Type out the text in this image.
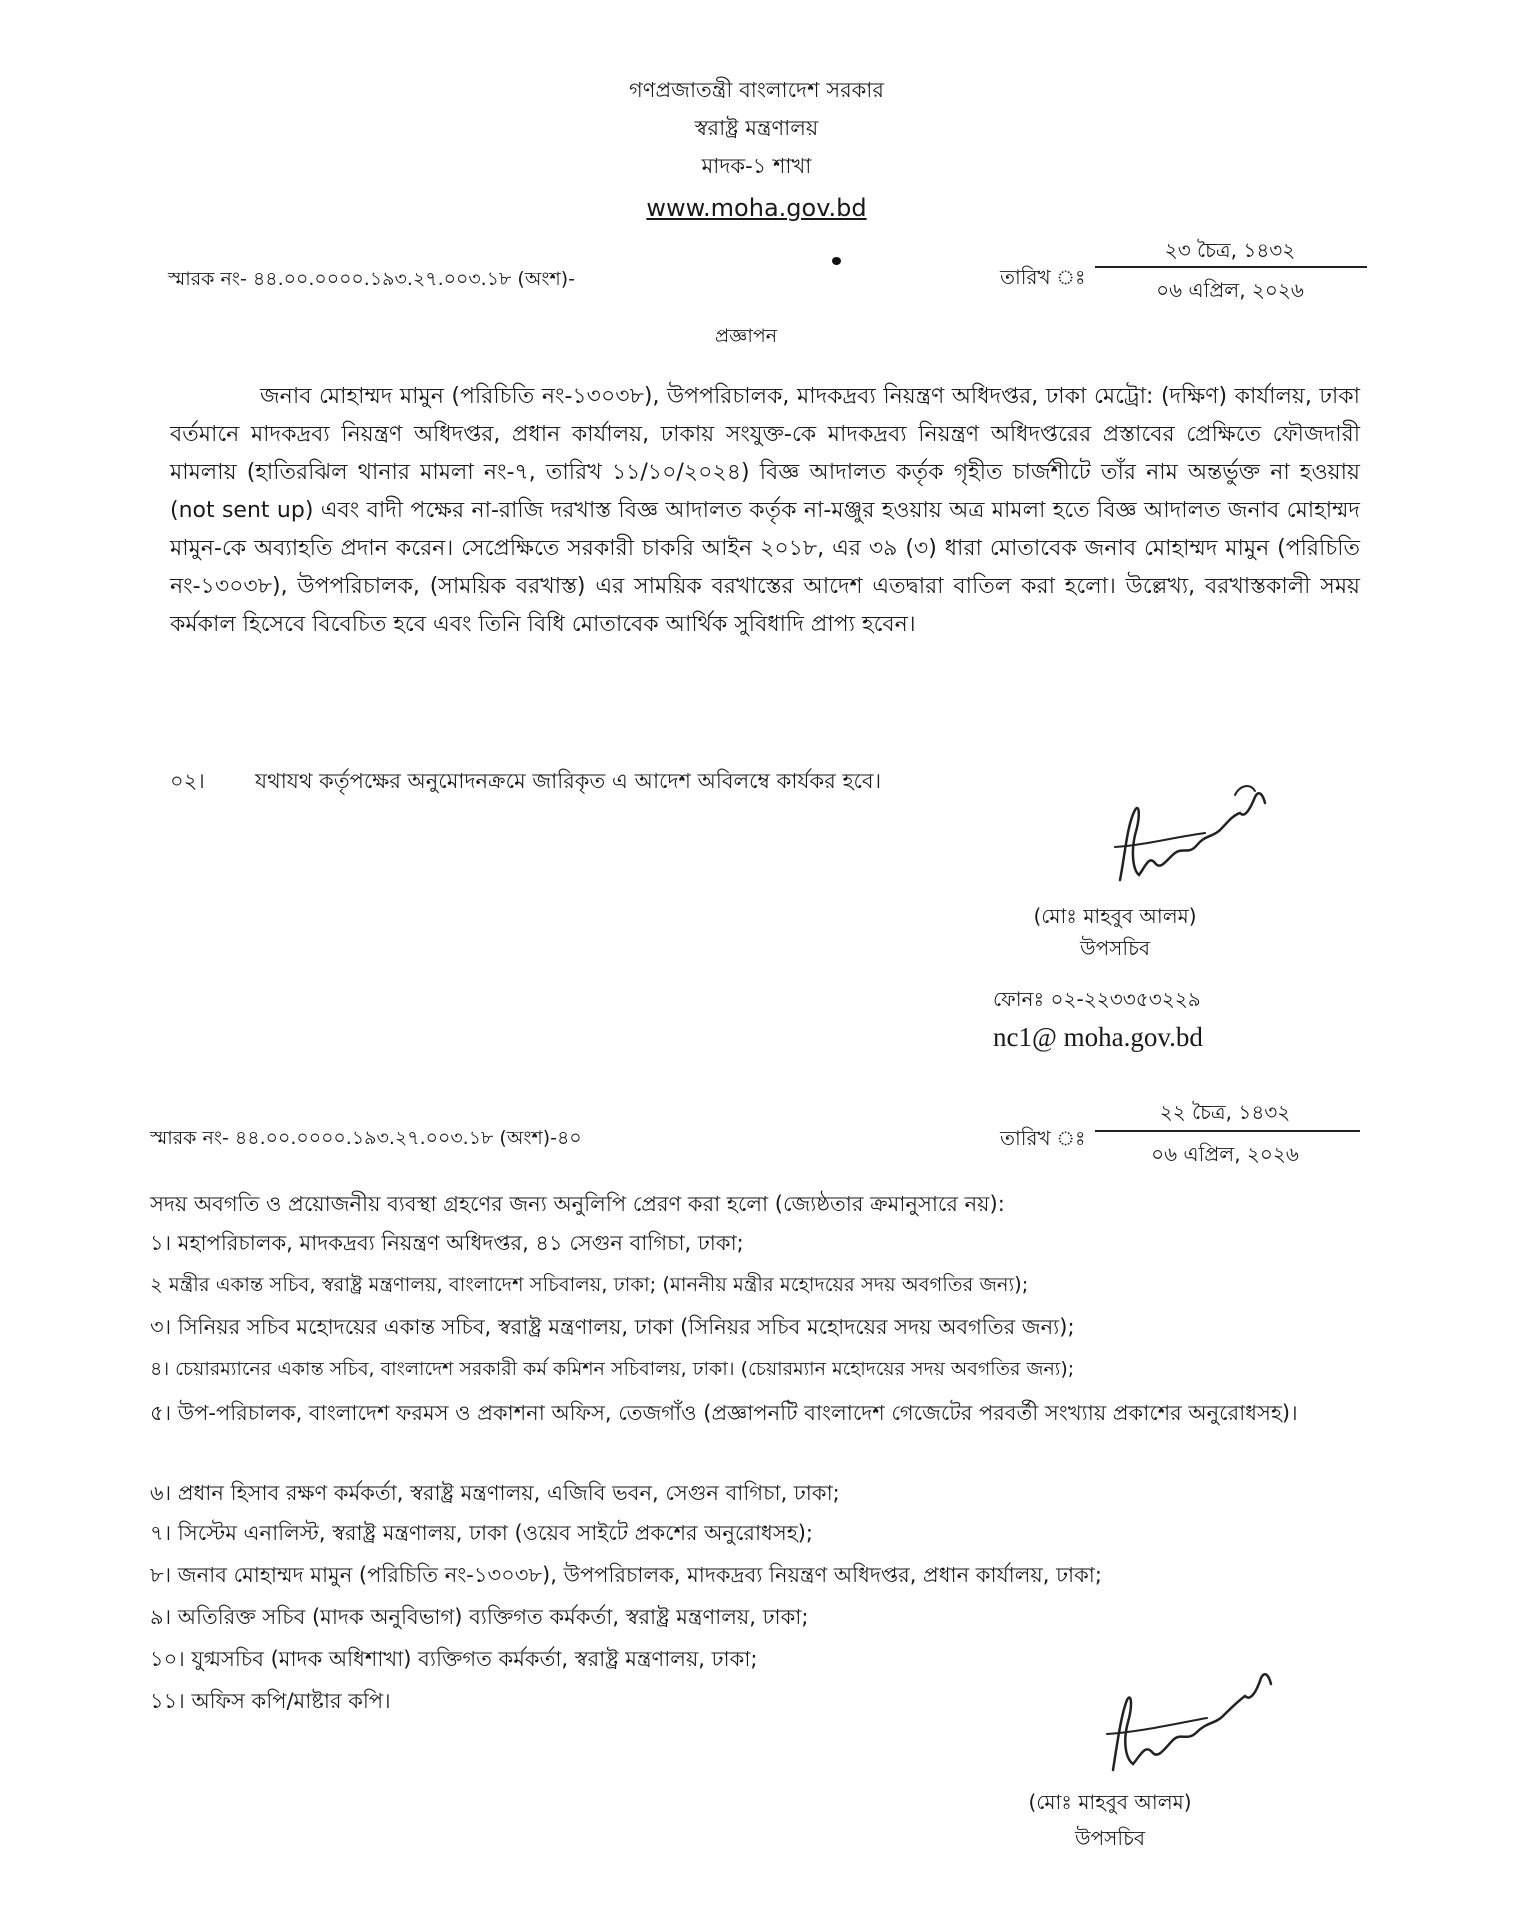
গণপ্রজাতন্ত্রী বাংলাদেশ সরকার
স্বরাষ্ট্র মন্ত্রণালয়
মাদক-১ শাখা
www.moha.gov.bd
স্মারক নং- ৪৪.০০.০০০০.১৯৩.২৭.০০৩.১৮ (অংশ)-	তারিখ ঃ
২৩ চৈত্র, ১৪৩২
০৬ এপ্রিল, ২০২৬
প্রজ্ঞাপন
জনাব মোহাম্মদ মামুন (পরিচিতি নং-১৩০৩৮), উপপরিচালক, মাদকদ্রব্য নিয়ন্ত্রণ অধিদপ্তর, ঢাকা মেট্রো: (দক্ষিণ) কার্যালয়, ঢাকা বর্তমানে মাদকদ্রব্য নিয়ন্ত্রণ অধিদপ্তর, প্রধান কার্যালয়, ঢাকায় সংযুক্ত-কে মাদকদ্রব্য নিয়ন্ত্রণ অধিদপ্তরের প্রস্তাবের প্রেক্ষিতে ফৌজদারী মামলায় (হাতিরঝিল থানার মামলা নং-৭, তারিখ ১১/১০/২০২৪) বিজ্ঞ আদালত কর্তৃক গৃহীত চার্জশীটে তাঁর নাম অন্তর্ভুক্ত না হওয়ায় (not sent up) এবং বাদী পক্ষের না-রাজি দরখাস্ত বিজ্ঞ আদালত কর্তৃক না-মঞ্জুর হওয়ায় অত্র মামলা হতে বিজ্ঞ আদালত জনাব মোহাম্মদ মামুন-কে অব্যাহতি প্রদান করেন। সেপ্রেক্ষিতে সরকারী চাকরি আইন ২০১৮, এর ৩৯ (৩) ধারা মোতাবেক জনাব মোহাম্মদ মামুন (পরিচিতি নং-১৩০৩৮), উপপরিচালক, (সাময়িক বরখাস্ত) এর সাময়িক বরখাস্তের আদেশ এতদ্বারা বাতিল করা হলো। উল্লেখ্য, বরখাস্তকালী সময় কর্মকাল হিসেবে বিবেচিত হবে এবং তিনি বিধি মোতাবেক আর্থিক সুবিধাদি প্রাপ্য হবেন।
০২। যথাযথ কর্তৃপক্ষের অনুমোদনক্রমে জারিকৃত এ আদেশ অবিলম্বে কার্যকর হবে।
(মোঃ মাহবুব আলম)
উপসচিব
ফোনঃ ০২-২২৩৩৫৩২২৯
nc1@ moha.gov.bd
স্মারক নং- ৪৪.০০.০০০০.১৯৩.২৭.০০৩.১৮ (অংশ)-৪০	তারিখ ঃ
২২ চৈত্র, ১৪৩২
০৬ এপ্রিল, ২০২৬
সদয় অবগতি ও প্রয়োজনীয় ব্যবস্থা গ্রহণের জন্য অনুলিপি প্রেরণ করা হলো (জ্যেষ্ঠতার ক্রমানুসারে নয়):
১। মহাপরিচালক, মাদকদ্রব্য নিয়ন্ত্রণ অধিদপ্তর, ৪১ সেগুন বাগিচা, ঢাকা;
২ মন্ত্রীর একান্ত সচিব, স্বরাষ্ট্র মন্ত্রণালয়, বাংলাদেশ সচিবালয়, ঢাকা; (মাননীয় মন্ত্রীর মহোদয়ের সদয় অবগতির জন্য);
৩। সিনিয়র সচিব মহোদয়ের একান্ত সচিব, স্বরাষ্ট্র মন্ত্রণালয়, ঢাকা (সিনিয়র সচিব মহোদয়ের সদয় অবগতির জন্য);
৪। চেয়ারম্যানের একান্ত সচিব, বাংলাদেশ সরকারী কর্ম কমিশন সচিবালয়, ঢাকা। (চেয়ারম্যান মহোদয়ের সদয় অবগতির জন্য);
৫। উপ-পরিচালক, বাংলাদেশ ফরমস ও প্রকাশনা অফিস, তেজগাঁও (প্রজ্ঞাপনটি বাংলাদেশ গেজেটের পরবর্তী সংখ্যায় প্রকাশের অনুরোধসহ)।
৬। প্রধান হিসাব রক্ষণ কর্মকর্তা, স্বরাষ্ট্র মন্ত্রণালয়, এজিবি ভবন, সেগুন বাগিচা, ঢাকা;
৭। সিস্টেম এনালিস্ট, স্বরাষ্ট্র মন্ত্রণালয়, ঢাকা (ওয়েব সাইটে প্রকশের অনুরোধসহ);
৮। জনাব মোহাম্মদ মামুন (পরিচিতি নং-১৩০৩৮), উপপরিচালক, মাদকদ্রব্য নিয়ন্ত্রণ অধিদপ্তর, প্রধান কার্যালয়, ঢাকা;
৯। অতিরিক্ত সচিব (মাদক অনুবিভাগ) ব্যক্তিগত কর্মকর্তা, স্বরাষ্ট্র মন্ত্রণালয়, ঢাকা;
১০। যুগ্মসচিব (মাদক অধিশাখা) ব্যক্তিগত কর্মকর্তা, স্বরাষ্ট্র মন্ত্রণালয়, ঢাকা;
১১। অফিস কপি/মাষ্টার কপি।
(মোঃ মাহবুব আলম)
উপসচিব
